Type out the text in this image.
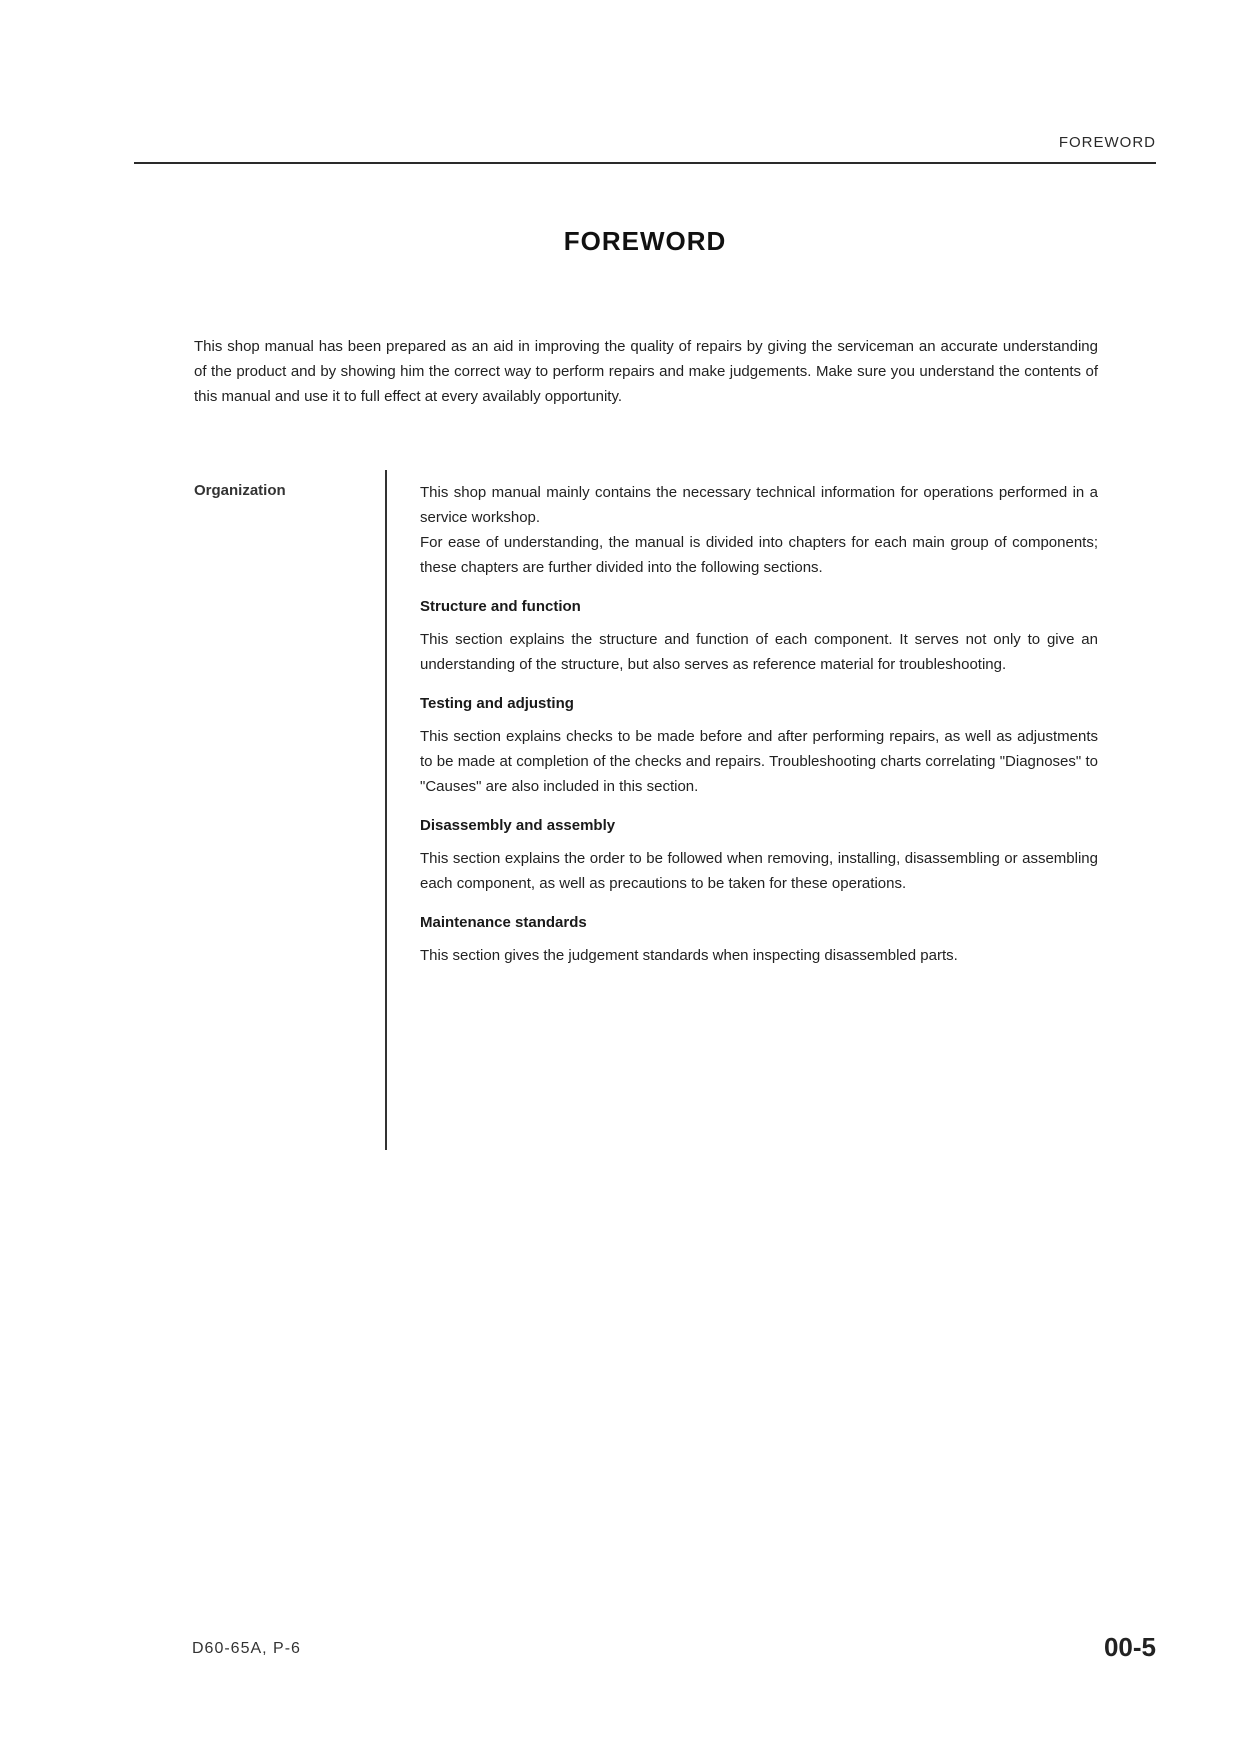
FOREWORD
FOREWORD
This shop manual has been prepared as an aid in improving the quality of repairs by giving the serviceman an accurate understanding of the product and by showing him the correct way to perform repairs and make judgements. Make sure you understand the contents of this manual and use it to full effect at every availably opportunity.
Organization	This shop manual mainly contains the necessary technical information for operations performed in a service workshop.

For ease of understanding, the manual is divided into chapters for each main group of components; these chapters are further divided into the following sections.

Structure and function

This section explains the structure and function of each component. It serves not only to give an understanding of the structure, but also serves as reference material for troubleshooting.

Testing and adjusting

This section explains checks to be made before and after performing repairs, as well as adjustments to be made at completion of the checks and repairs. Troubleshooting charts correlating "Diagnoses" to "Causes" are also included in this section.

Disassembly and assembly

This section explains the order to be followed when removing, installing, disassembling or assembling each component, as well as precautions to be taken for these operations.

Maintenance standards

This section gives the judgement standards when inspecting disassembled parts.

D60-65A, P-6	00-5
